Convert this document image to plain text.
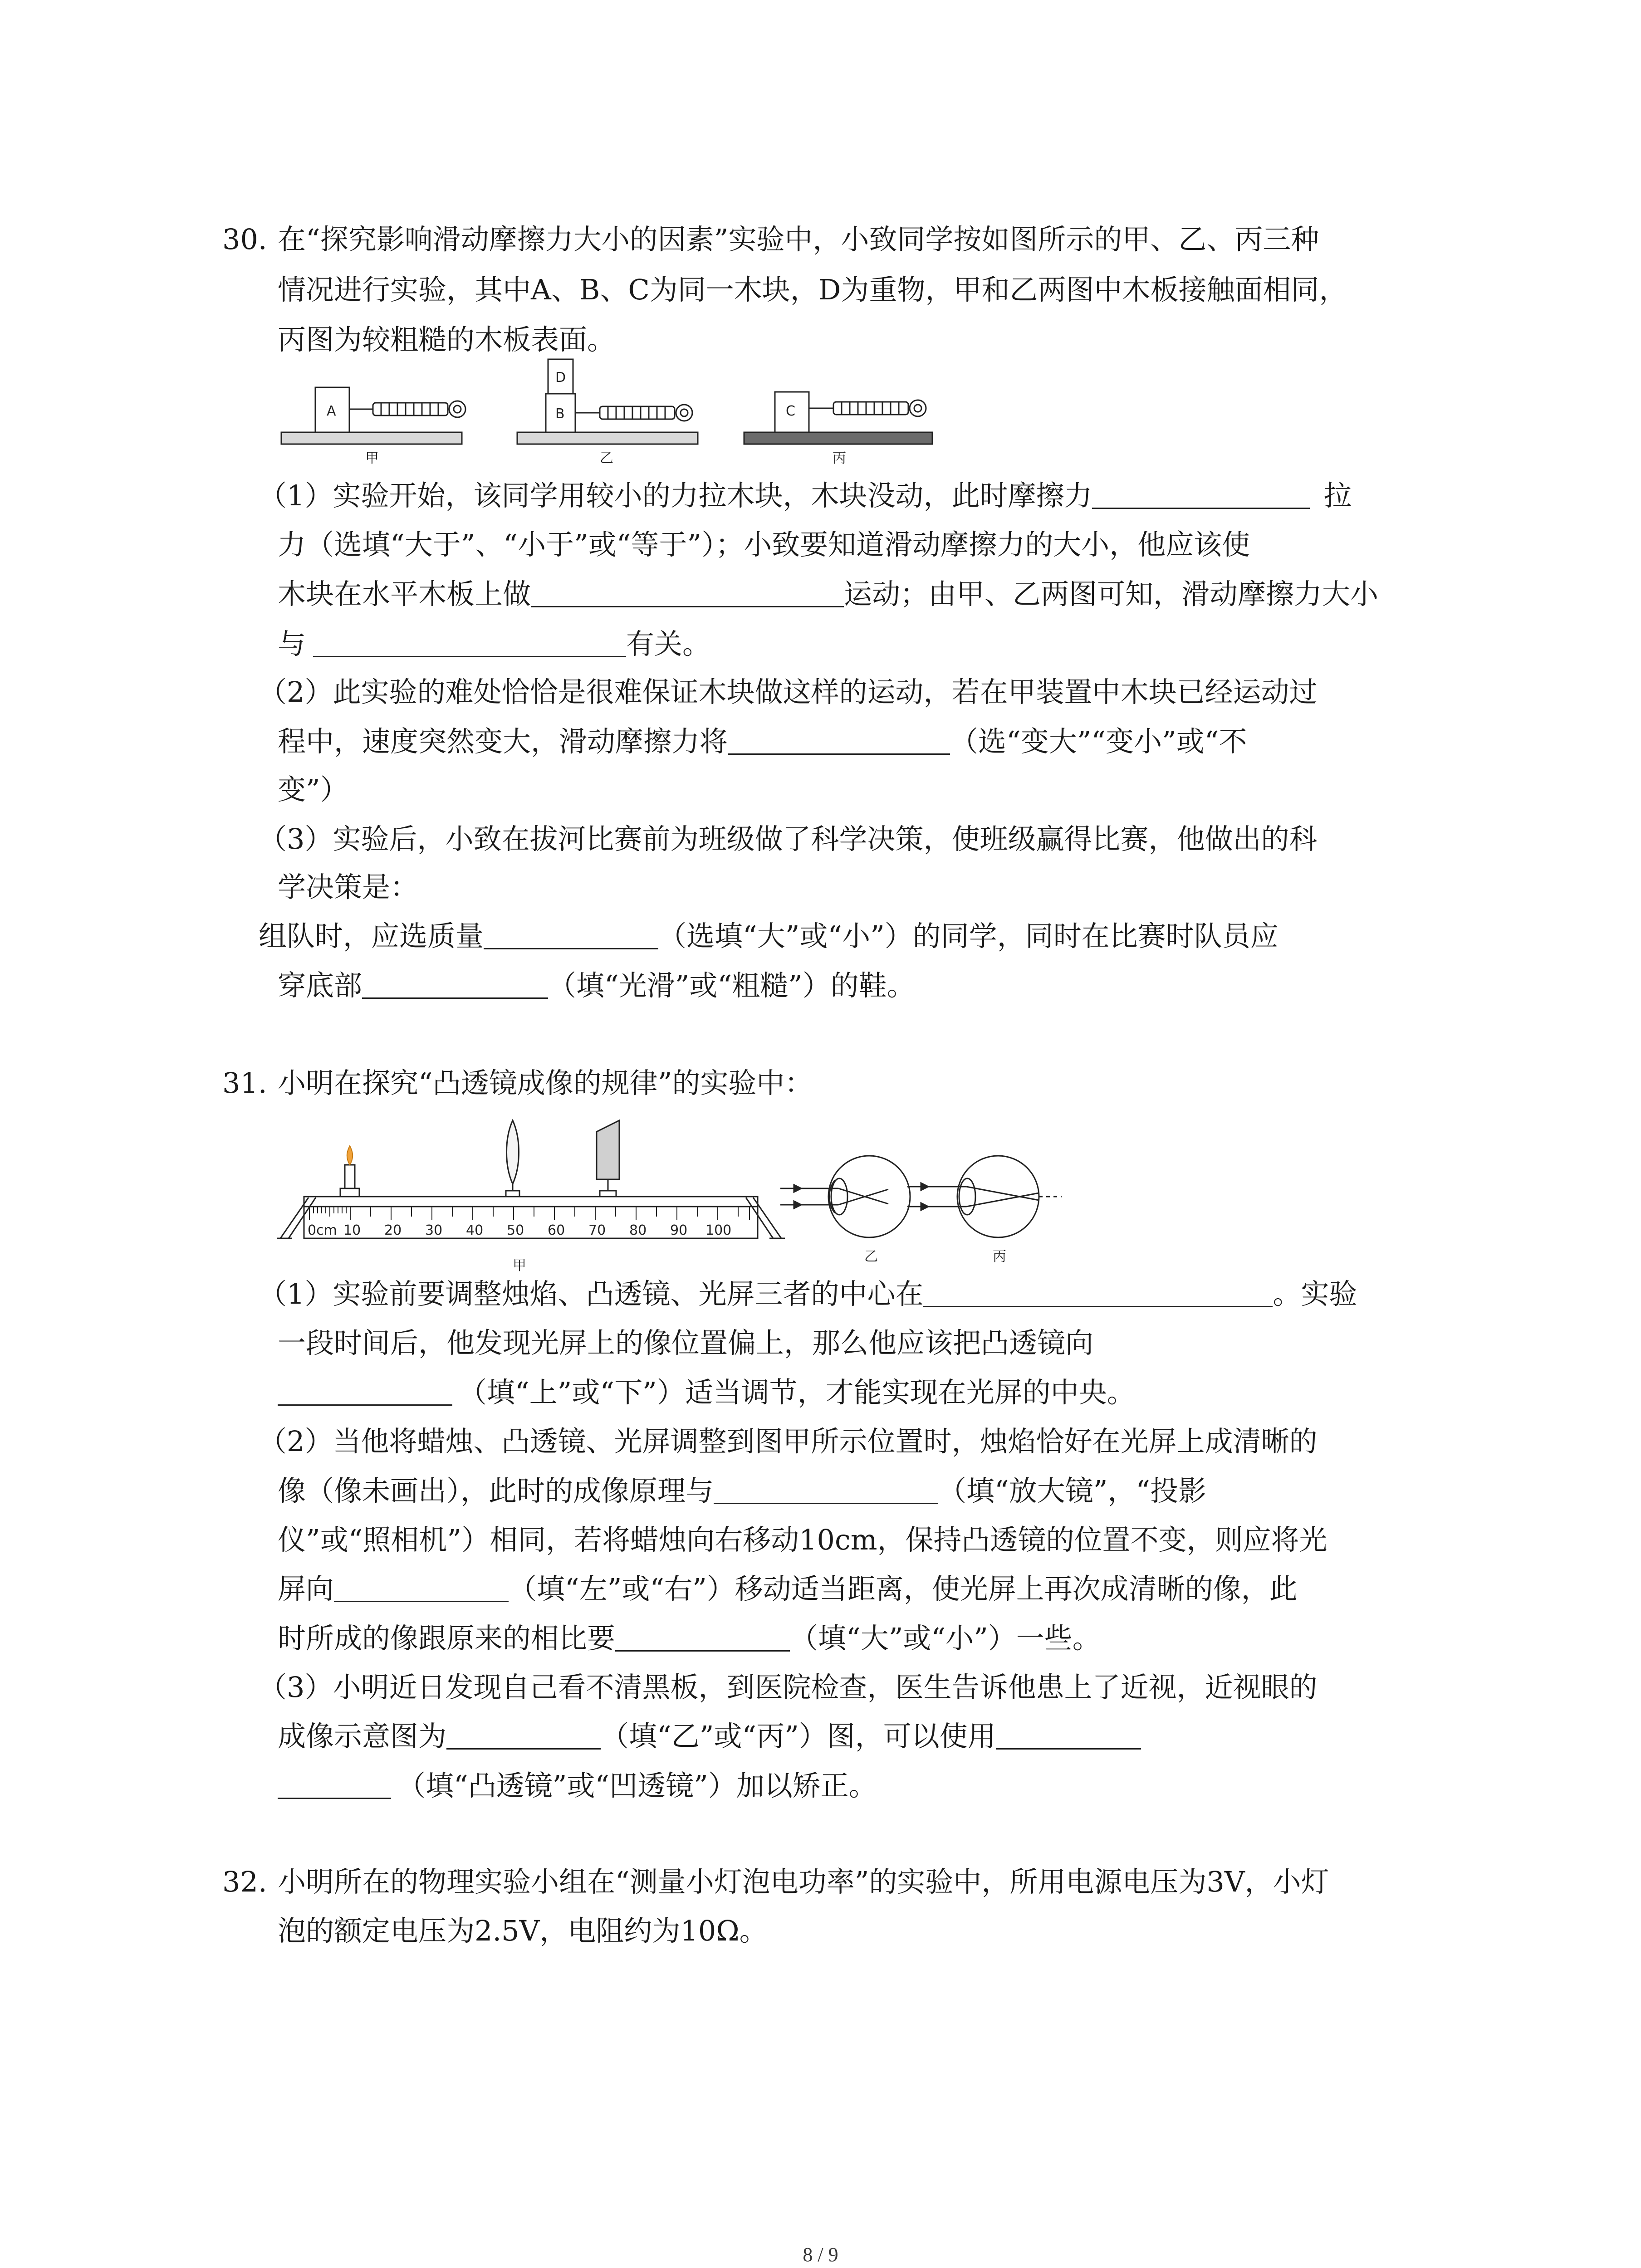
30. 在“探究影响滑动摩擦力大小的因素”实验中，小致同学按如图所示的甲、乙、丙三种
情况进行实验，其中A、B、C为同一木块，D为重物，甲和乙两图中木板接触面相同，
丙图为较粗糙的木板表面。
A	B
D
C
甲	乙	丙
（1）实验开始，该同学用较小的力拉木块，木块没动，此时摩擦力	拉
力（选填“大于”、“小于”或“等于”）；小致要知道滑动摩擦力的大小，他应该使
木块在水平木板上做	运动；由甲、乙两图可知，滑动摩擦力大小
与	有关。
（2）此实验的难处恰恰是很难保证木块做这样的运动，若在甲装置中木块已经运动过
程中，速度突然变大，滑动摩擦力将	（选“变大”“变小”或“不
变”）
（3）实验后，小致在拔河比赛前为班级做了科学决策，使班级赢得比赛，他做出的科
学决策是：
组队时，应选质量	（选填“大”或“小”）的同学，同时在比赛时队员应
穿底部	（填“光滑”或“粗糙”）的鞋。
31. 小明在探究“凸透镜成像的规律”的实验中：
0cm 10 20 30 40 50 60 70 80 90 100
甲
乙	丙
（1）实验前要调整烛焰、凸透镜、光屏三者的中心在	。实验
一段时间后，他发现光屏上的像位置偏上，那么他应该把凸透镜向
（填“上”或“下”）适当调节，才能实现在光屏的中央。
（2）当他将蜡烛、凸透镜、光屏调整到图甲所示位置时，烛焰恰好在光屏上成清晰的
像（像未画出），此时的成像原理与	（填“放大镜”，“投影
仪”或“照相机”）相同，若将蜡烛向右移动10cm，保持凸透镜的位置不变，则应将光
屏向	（填“左”或“右”）移动适当距离，使光屏上再次成清晰的像，此
时所成的像跟原来的相比要	（填“大”或“小”）一些。
（3）小明近日发现自己看不清黑板，到医院检查，医生告诉他患上了近视，近视眼的
成像示意图为	（填“乙”或“丙”）图，可以使用
（填“凸透镜”或“凹透镜”）加以矫正。
32. 小明所在的物理实验小组在“测量小灯泡电功率”的实验中，所用电源电压为3V，小灯
泡的额定电压为2.5V，电阻约为10Ω。
8 / 9
